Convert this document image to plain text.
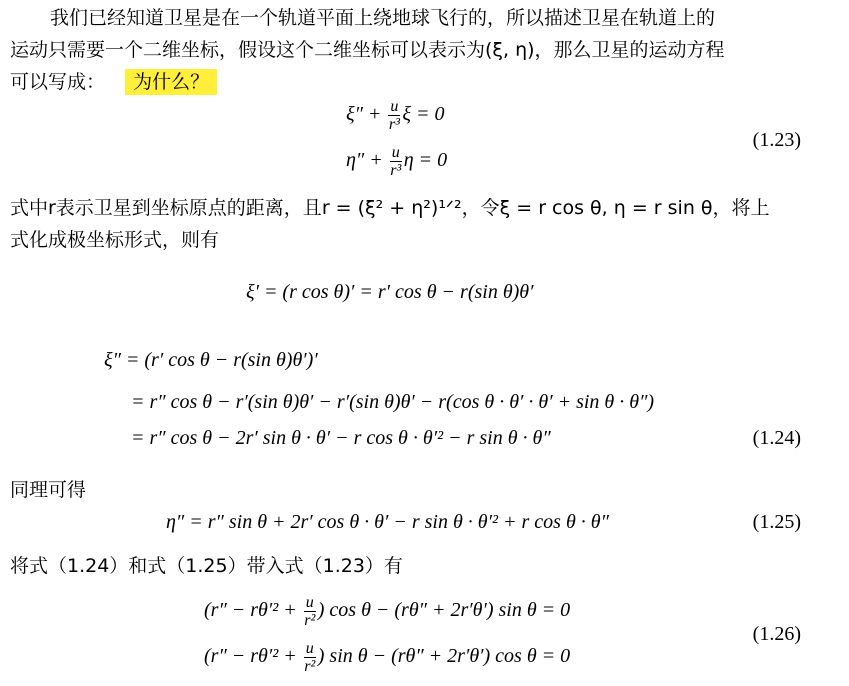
我们已经知道卫星是在一个轨道平面上绕地球飞行的，所以描述卫星在轨道上的
运动只需要一个二维坐标，假设这个二维坐标可以表示为(ξ, η)，那么卫星的运动方程
可以写成： 为什么？
$\xi'' + \frac{u}{\text{r³}}$ ξ = 0
$\eta'' + \frac{u}{\text{r³}}$ η = 0
(1.23)
式中r表示卫星到坐标原点的距离，且r = (ξ² + η²)¹ᐟ²，令ξ = r cos θ, η = r sin θ，将上
式化成极坐标形式，则有
ξ′ = (r cos θ)′ = r′ cos θ − r(sin θ)θ′
ξ″ = (r′ cos θ − r(sin θ)θ′)′
= r″ cos θ − r′(sin θ)θ′ − r′(sin θ)θ′ − r(cos θ · θ′ · θ′ + sin θ · θ″)
= r″ cos θ − 2r′ sin θ · θ′ − r cos θ · θ′² − r sin θ · θ″	(1.24)
同理可得
η″ = r″ sin θ + 2r′ cos θ · θ′ − r sin θ · θ′² + r cos θ · θ″	(1.25)
将式（1.24）和式（1.25）带入式（1.23）有
($r'' - r\theta'^2 + \frac{u}{\text{r²}}$ ) cos θ − (rθ″ + 2r′θ′) sin θ = 0
($r'' - r\theta'^2 + \frac{u}{\text{r²}}$ ) sin θ − (rθ″ + 2r′θ′) cos θ = 0
(1.26)
